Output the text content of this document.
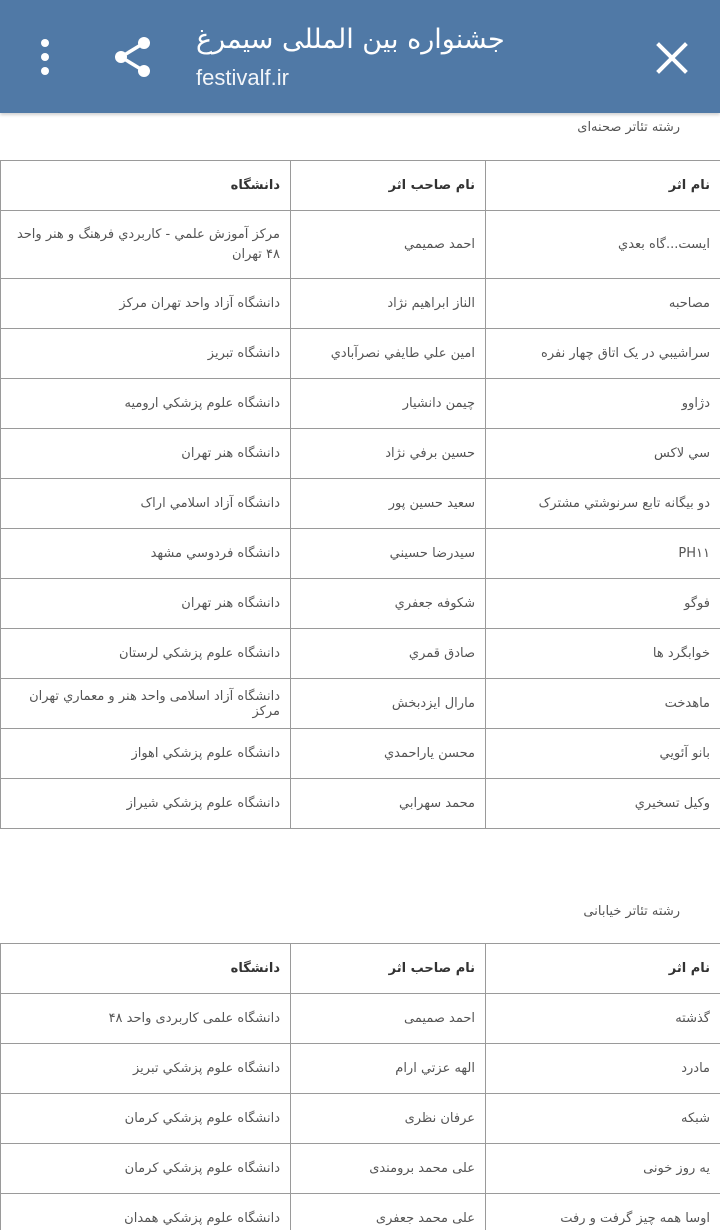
جشنواره بین المللی سیمرغ
festivalf.ir
رشته تئاتر صحنه‌ای
نام اثر	نام صاحب اثر	دانشگاه
ايست...گاه بعدي	احمد صميمي	مركز آموزش علمي - كاربردي فرهنگ و هنر واحد ۴۸ تهران
مصاحبه	الناز ابراهيم نژاد	دانشگاه آزاد واحد تهران مركز
سراشيبي در يک اتاق چهار نفره	امين علي طايفي نصرآبادي	دانشگاه تبريز
دژاوو	چيمن دانشيار	دانشگاه علوم پزشكي اروميه
سي لاكس	حسين برفي نژاد	دانشگاه هنر تهران
دو بيگانه تابع سرنوشتي مشترک	سعيد حسين پور	دانشگاه آزاد اسلامي اراک
PH۱۱	سيدرضا حسيني	دانشگاه فردوسي مشهد
فوگو	شكوفه جعفري	دانشگاه هنر تهران
خوابگرد ها	صادق قمري	دانشگاه علوم پزشكي لرستان
ماهدخت	مارال ايزدبخش	دانشگاه آزاد اسلامی واحد هنر و معماري تهران مركز
بانو آئويي	محسن ياراحمدي	دانشگاه علوم پزشكي اهواز
وكيل تسخيري	محمد سهرابي	دانشگاه علوم پزشكي شيراز
رشته تئاتر خیابانی
نام اثر	نام صاحب اثر	دانشگاه
گذشته	احمد صمیمی	دانشگاه علمی کاربردی واحد ۴۸
مادرد	الهه عزتي ارام	دانشگاه علوم پزشكي تبريز
شبكه	عرفان نظری	دانشگاه علوم پزشكي كرمان
یه روز خونی	علی محمد برومندی	دانشگاه علوم پزشكي كرمان
اوسا همه چیز گرفت و رفت	علی محمد جعفری	دانشگاه علوم پزشكي همدان
